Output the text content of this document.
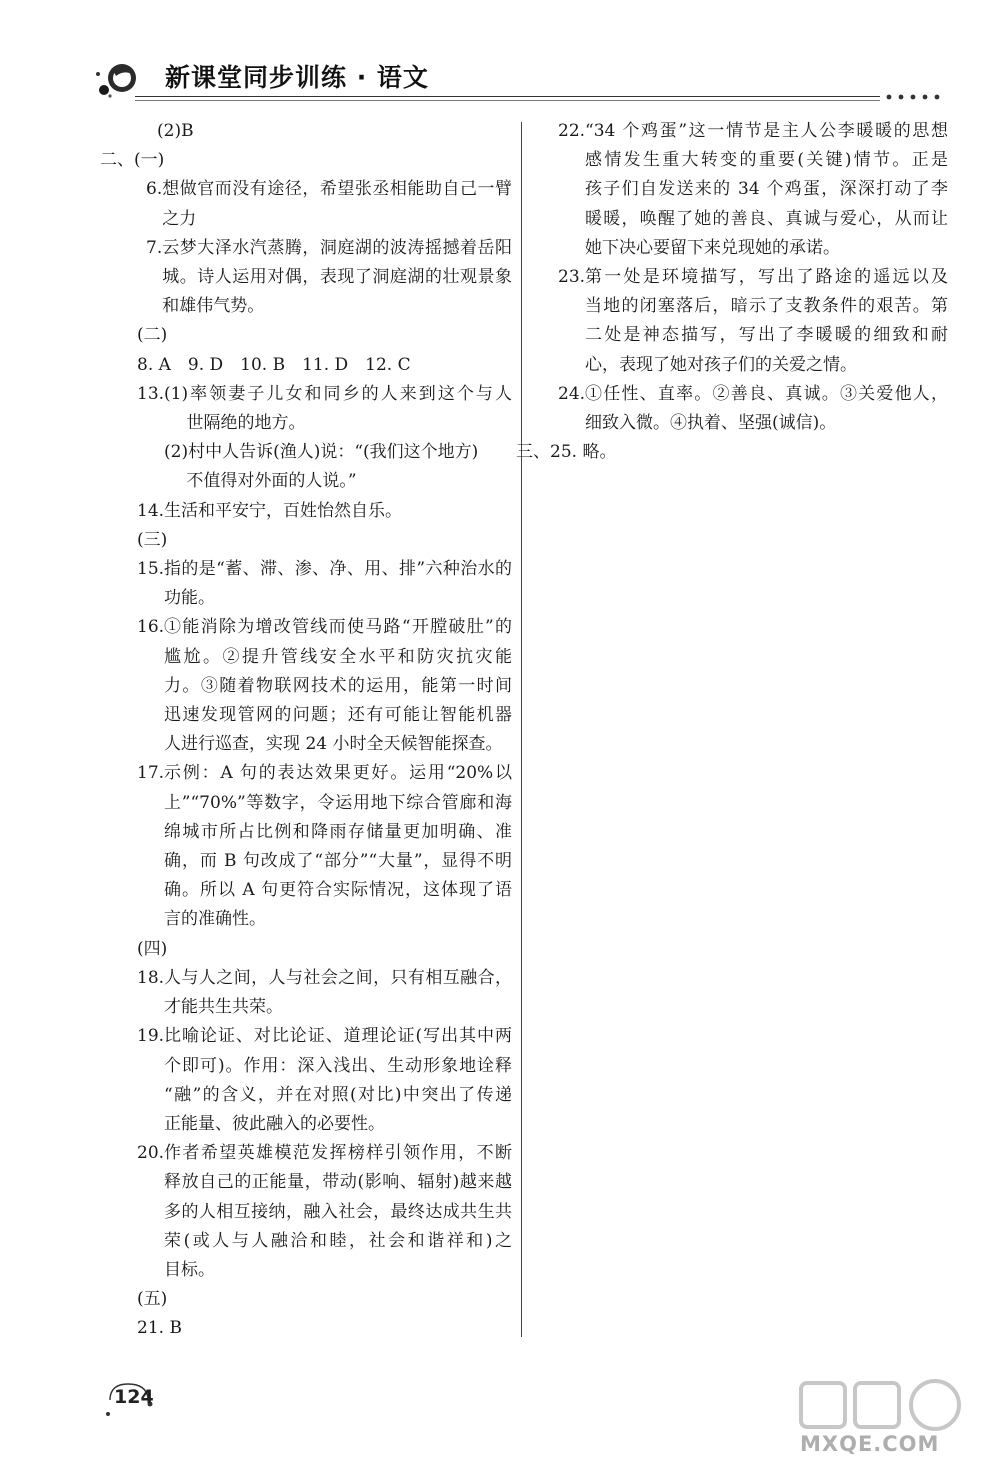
新课堂同步训练 · 语文
(2)B
二、(一)
6. 想做官而没有途径，希望张丞相能助自己一臂
之力
7. 云梦大泽水汽蒸腾，洞庭湖的波涛摇撼着岳阳
城。诗人运用对偶，表现了洞庭湖的壮观景象
和雄伟气势。
(二)
8. A　9. D　10. B　11. D　12. C
13. (1)率领妻子儿女和同乡的人来到这个与人
　 世隔绝的地方。
(2)村中人告诉(渔人)说：“(我们这个地方)
　 不值得对外面的人说。”
14. 生活和平安宁，百姓怡然自乐。
(三)
15. 指的是“蓄、滞、渗、净、用、排”六种治水的
功能。
16. ①能消除为增改管线而使马路“开膛破肚”的
尴尬。②提升管线安全水平和防灾抗灾能
力。③随着物联网技术的运用，能第一时间
迅速发现管网的问题；还有可能让智能机器
人进行巡查，实现 24 小时全天候智能探查。
17. 示例：A 句的表达效果更好。运用“20%以
上”“70%”等数字，令运用地下综合管廊和海
绵城市所占比例和降雨存储量更加明确、准
确，而 B 句改成了“部分”“大量”，显得不明
确。所以 A 句更符合实际情况，这体现了语
言的准确性。
(四)
18. 人与人之间，人与社会之间，只有相互融合，
才能共生共荣。
19. 比喻论证、对比论证、道理论证(写出其中两
个即可)。作用：深入浅出、生动形象地诠释
“融”的含义，并在对照(对比)中突出了传递
正能量、彼此融入的必要性。
20. 作者希望英雄模范发挥榜样引领作用，不断
释放自己的正能量，带动(影响、辐射)越来越
多的人相互接纳，融入社会，最终达成共生共
荣(或人与人融洽和睦，社会和谐祥和)之
目标。
(五)
21. B
22. “34 个鸡蛋”这一情节是主人公李暖暖的思想
感情发生重大转变的重要(关键)情节。正是
孩子们自发送来的 34 个鸡蛋，深深打动了李
暖暖，唤醒了她的善良、真诚与爱心，从而让
她下决心要留下来兑现她的承诺。
23. 第一处是环境描写，写出了路途的遥远以及
当地的闭塞落后，暗示了支教条件的艰苦。第
二处是神态描写，写出了李暖暖的细致和耐
心，表现了她对孩子们的关爱之情。
24. ①任性、直率。②善良、真诚。③关爱他人，
细致入微。④执着、坚强(诚信)。
三、25. 略。
124
MXQE.COM
